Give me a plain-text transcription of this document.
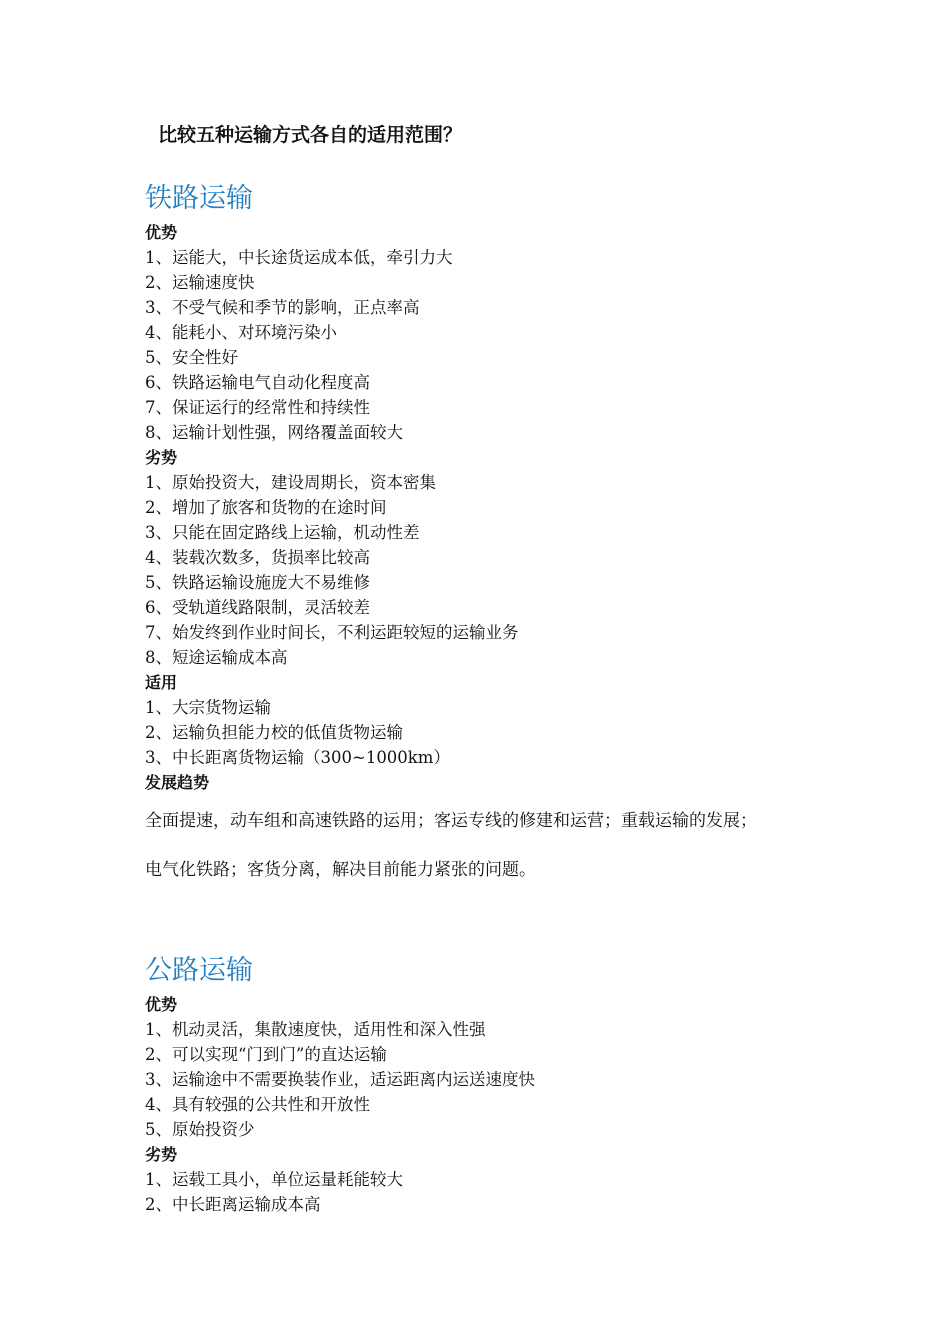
比较五种运输方式各自的适用范围？
铁路运输
优势
1、运能大，中长途货运成本低，牵引力大
2、运输速度快
3、不受气候和季节的影响，正点率高
4、能耗小、对环境污染小
5、安全性好
6、铁路运输电气自动化程度高
7、保证运行的经常性和持续性
8、运输计划性强，网络覆盖面较大
劣势
1、原始投资大，建设周期长，资本密集
2、增加了旅客和货物的在途时间
3、只能在固定路线上运输，机动性差
4、装载次数多，货损率比较高
5、铁路运输设施庞大不易维修
6、受轨道线路限制，灵活较差
7、始发终到作业时间长，不利运距较短的运输业务
8、短途运输成本高
适用
1、大宗货物运输
2、运输负担能力校的低值货物运输
3、中长距离货物运输（300~1000km）
发展趋势

全面提速，动车组和高速铁路的运用；客运专线的修建和运营；重载运输的发展；

电气化铁路；客货分离，解决目前能力紧张的问题。

公路运输
优势
1、机动灵活，集散速度快，适用性和深入性强
2、可以实现“门到门”的直达运输
3、运输途中不需要换装作业，适运距离内运送速度快
4、具有较强的公共性和开放性
5、原始投资少
劣势
1、运载工具小，单位运量耗能较大
2、中长距离运输成本高
